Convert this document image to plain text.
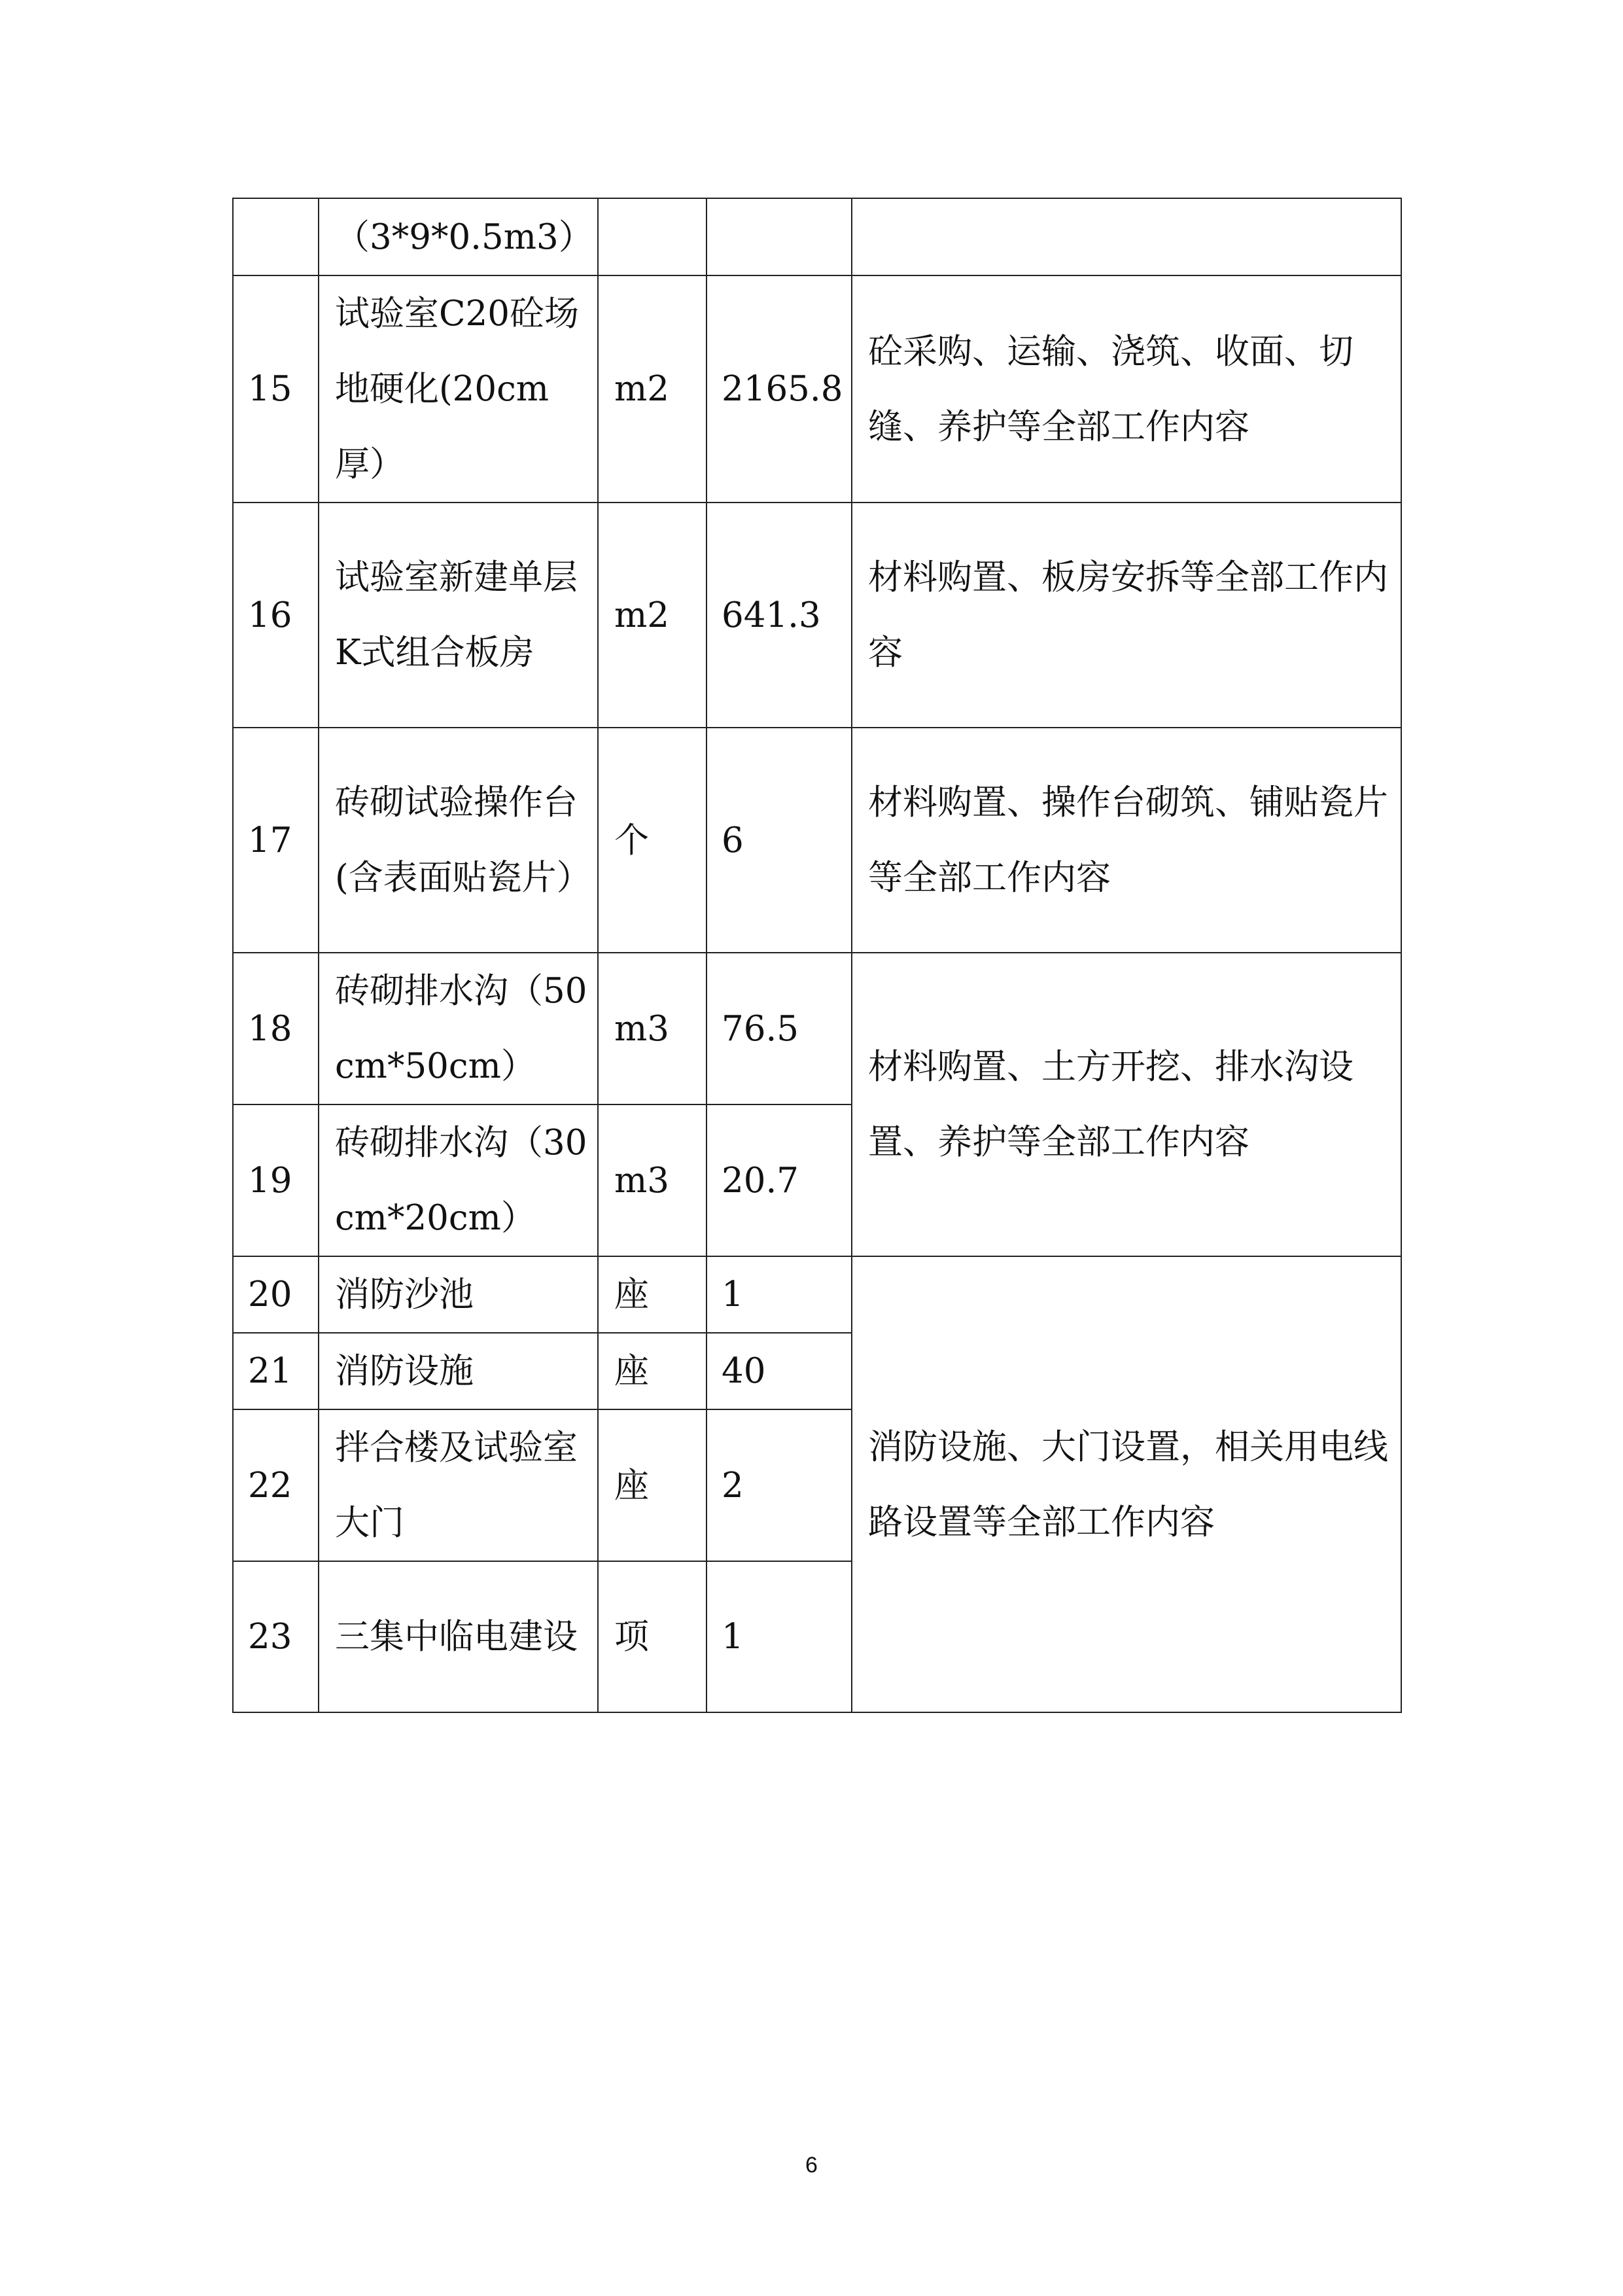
	（3*9*0.5m3）			
15	试验室C20砼场地硬化(20cm厚）	m2	2165.8	砼采购、运输、浇筑、收面、切缝、养护等全部工作内容
16	试验室新建单层K式组合板房	m2	641.3	材料购置、板房安拆等全部工作内容
17	砖砌试验操作台(含表面贴瓷片）	个	6	材料购置、操作台砌筑、铺贴瓷片等全部工作内容
18	砖砌排水沟（50cm*50cm）	m3	76.5	材料购置、土方开挖、排水沟设置、养护等全部工作内容
19	砖砌排水沟（30cm*20cm）	m3	20.7	
20	消防沙池	座	1	消防设施、大门设置，相关用电线路设置等全部工作内容
21	消防设施	座	40	
22	拌合楼及试验室大门	座	2	
23	三集中临电建设	项	1	
6
